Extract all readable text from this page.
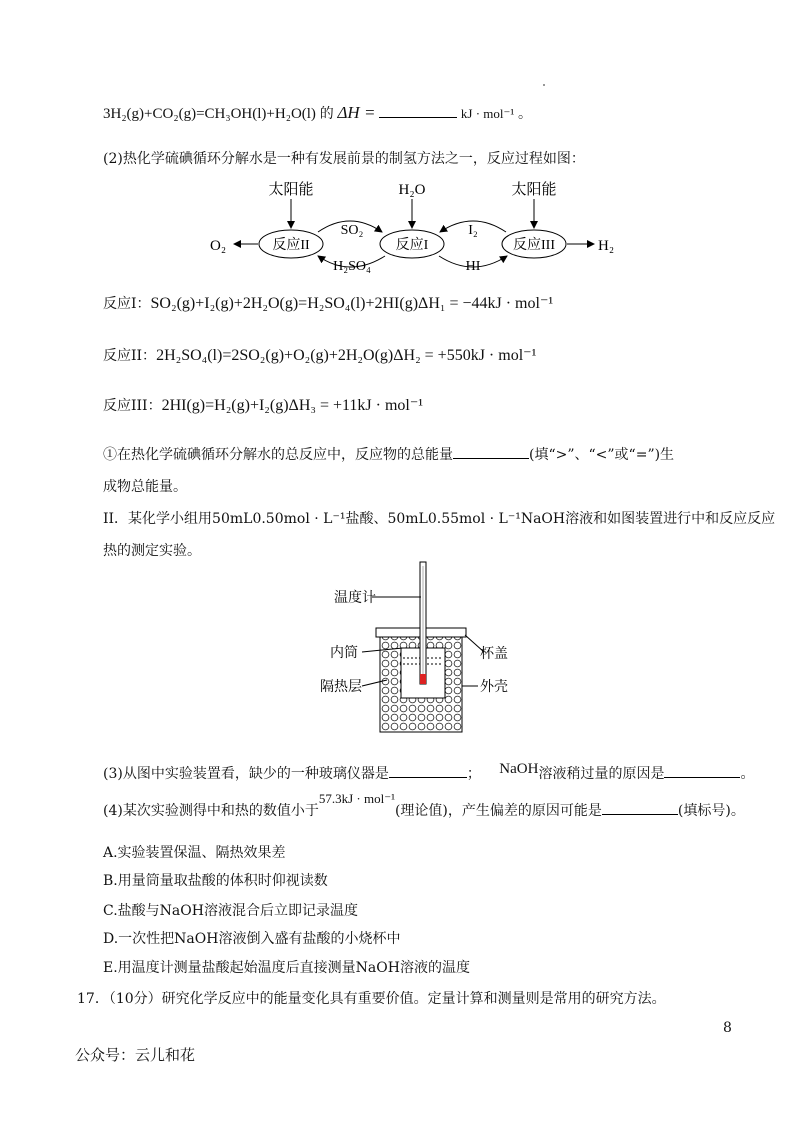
3H₂(g)+CO₂(g)=CH₃OH(l)+H₂O(l) 的 ΔH =	kJ · mol⁻¹ 。
(2)热化学硫碘循环分解水是一种有发展前景的制氢方法之一，反应过程如图：
反应II	反应I	反应III
太阳能	H₂O	太阳能
O₂	H₂
SO₂
H₂SO₄
I₂
HI
反应I：SO₂(g)+I₂(g)+2H₂O(g)=H₂SO₄(l)+2HI(g)ΔH₁ = −44kJ · mol⁻¹
反应II：2H₂SO₄(l)=2SO₂(g)+O₂(g)+2H₂O(g)ΔH₂ = +550kJ · mol⁻¹
反应III：2HI(g)=H₂(g)+I₂(g)ΔH₃ = +11kJ · mol⁻¹
①在热化学硫碘循环分解水的总反应中，反应物的总能量	(填“>”、“<”或“=”)生
成物总能量。
II．某化学小组用50mL0.50mol · L⁻¹盐酸、50mL0.55mol · L⁻¹NaOH溶液和如图装置进行中和反应反应
热的测定实验。
温度计
内筒
隔热层
杯盖
外壳
(3)从图中实验装置看，缺少的一种玻璃仪器是	； NaOH溶液稍过量的原因是	。
(4)某次实验测得中和热的数值小于57.3kJ · mol⁻¹(理论值)，产生偏差的原因可能是	(填标号)。
A.实验装置保温、隔热效果差
B.用量筒量取盐酸的体积时仰视读数
C.盐酸与NaOH溶液混合后立即记录温度
D.一次性把NaOH溶液倒入盛有盐酸的小烧杯中
E.用温度计测量盐酸起始温度后直接测量NaOH溶液的温度
17．（10分）研究化学反应中的能量变化具有重要价值。定量计算和测量则是常用的研究方法。
8
公众号：云儿和花
